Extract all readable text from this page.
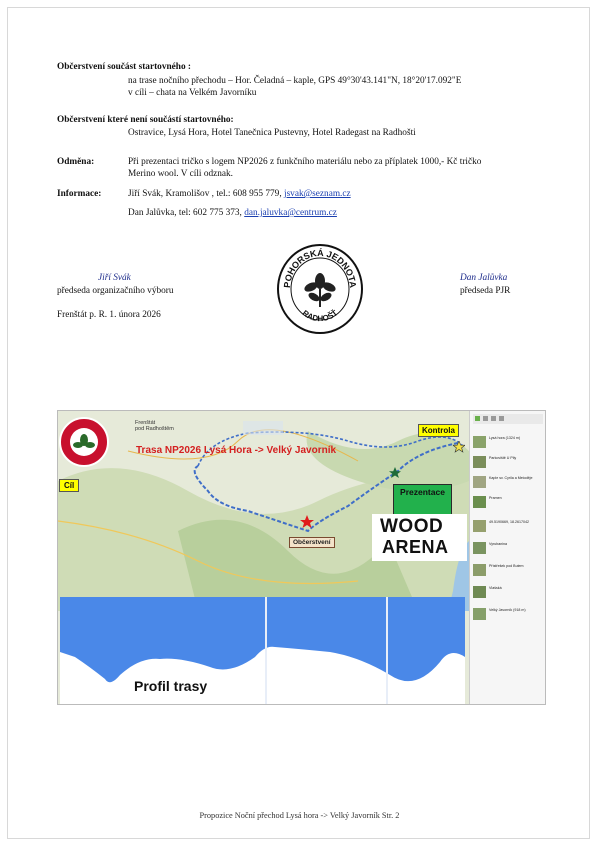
Občerstvení součást startovného :
na trase nočního přechodu – Hor. Čeladná – kaple, GPS 49°30'43.141"N, 18°20'17.092"E
v cíli – chata na Velkém Javorníku
Občerstvení které není součástí startovného:
Ostravice, Lysá Hora, Hotel Tanečnica Pustevny, Hotel Radegast na Radhošti
Odměna:	Při prezentaci tričko s logem NP2026 z funkčního materiálu nebo za příplatek 1000,- Kč tričko
Merino wool. V cíli odznak.
Informace:	Jiří Svák, Kramolišov , tel.: 608 955 779, jsvak@seznam.cz
Dan Jalůvka, tel: 602 775 373, dan.jaluvka@centrum.cz
Jiří Svák
předseda organizačního výboru
Frenštát p. R. 1. února 2026
Dan Jalůvka
předseda PJR
POHORSKÁ JEDNOTA
RADHOŠŤ
Frenštát
pod Radhoštěm
Trasa NP2026 Lysá Hora -> Velký Javorník
Cíl
Kontrola
Prezentace
Občerstvení
WOOD
ARENA
Profil trasy
Lysá hora (1324 m)
Parkoviště U Pily
Kaple sv. Cyrila a Metoděje
Pramen
49.5190669, 18.2617042
Vyrubanina
Přístřešek pod Butem
Vlašská
Velký Javorník (918 m)
Propozice Noční přechod Lysá hora -> Velký Javorník Str. 2
